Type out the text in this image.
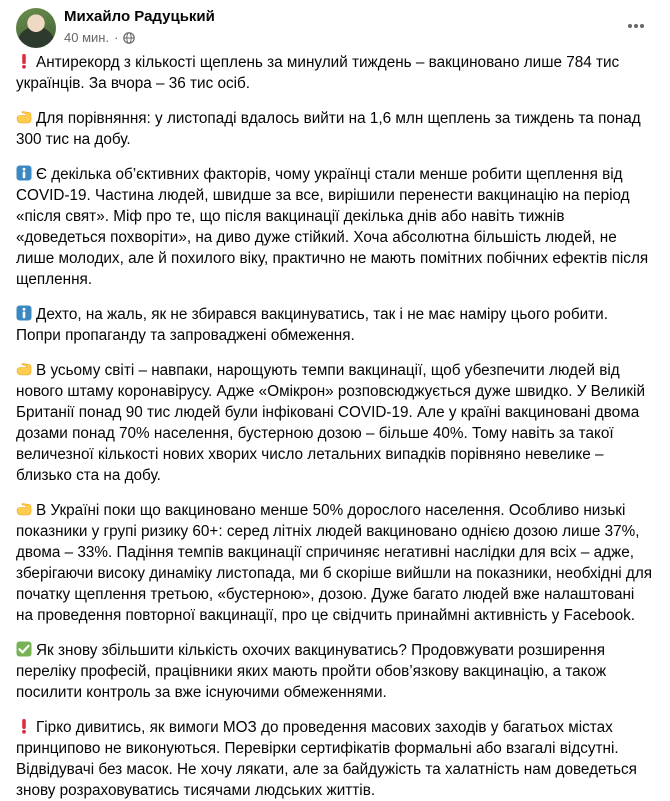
Михайло Радуцький
40 мин. ·

Антирекорд з кількості щеплень за минулий тиждень – вакциновано лише 784 тис українців. За вчора – 36 тис осіб.

Для порівняння: у листопаді вдалось вийти на 1,6 млн щеплень за тиждень та понад 300 тис на добу.

Є декілька об’єктивних факторів, чому українці стали менше робити щеплення від COVID-19. Частина людей, швидше за все, вирішили перенести вакцинацію на період «після свят». Міф про те, що після вакцинації декілька днів або навіть тижнів «доведеться похворіти», на диво дуже стійкий. Хоча абсолютна більшість людей, не лише молодих, але й похилого віку, практично не мають помітних побічних ефектів після щеплення.

Дехто, на жаль, як не збирався вакцинуватись, так і не має наміру цього робити. Попри пропаганду та запроваджені обмеження.

В усьому світі – навпаки, нарощують темпи вакцинації, щоб убезпечити людей від нового штаму коронавірусу. Адже «Омікрон» розповсюджується дуже швидко. У Великій Британії понад 90 тис людей були інфіковані COVID-19. Але у країні вакциновані двома дозами понад 70% населення, бустерною дозою – більше 40%. Тому навіть за такої величезної кількості нових хворих число летальних випадків порівняно невелике – близько ста на добу.

В Україні поки що вакциновано менше 50% дорослого населення. Особливо низькі показники у групі ризику 60+: серед літніх людей вакциновано однією дозою лише 37%, двома – 33%. Падіння темпів вакцинації спричиняє негативні наслідки для всіх – адже, зберігаючи високу динаміку листопада, ми б скоріше вийшли на показники, необхідні для початку щеплення третьою, «бустерною», дозою. Дуже багато людей вже налаштовані на проведення повторної вакцинації, про це свідчить принаймні активність у Facebook.

Як знову збільшити кількість охочих вакцинуватись? Продовжувати розширення переліку професій, працівники яких мають пройти обов’язкову вакцинацію, а також посилити контроль за вже існуючими обмеженнями.

Гірко дивитись, як вимоги МОЗ до проведення масових заходів у багатьох містах принципово не виконуються. Перевірки сертифікатів формальні або взагалі відсутні. Відвідувачі без масок. Не хочу лякати, але за байдужість та халатність нам доведеться знову розраховуватись тисячами людських життів.
